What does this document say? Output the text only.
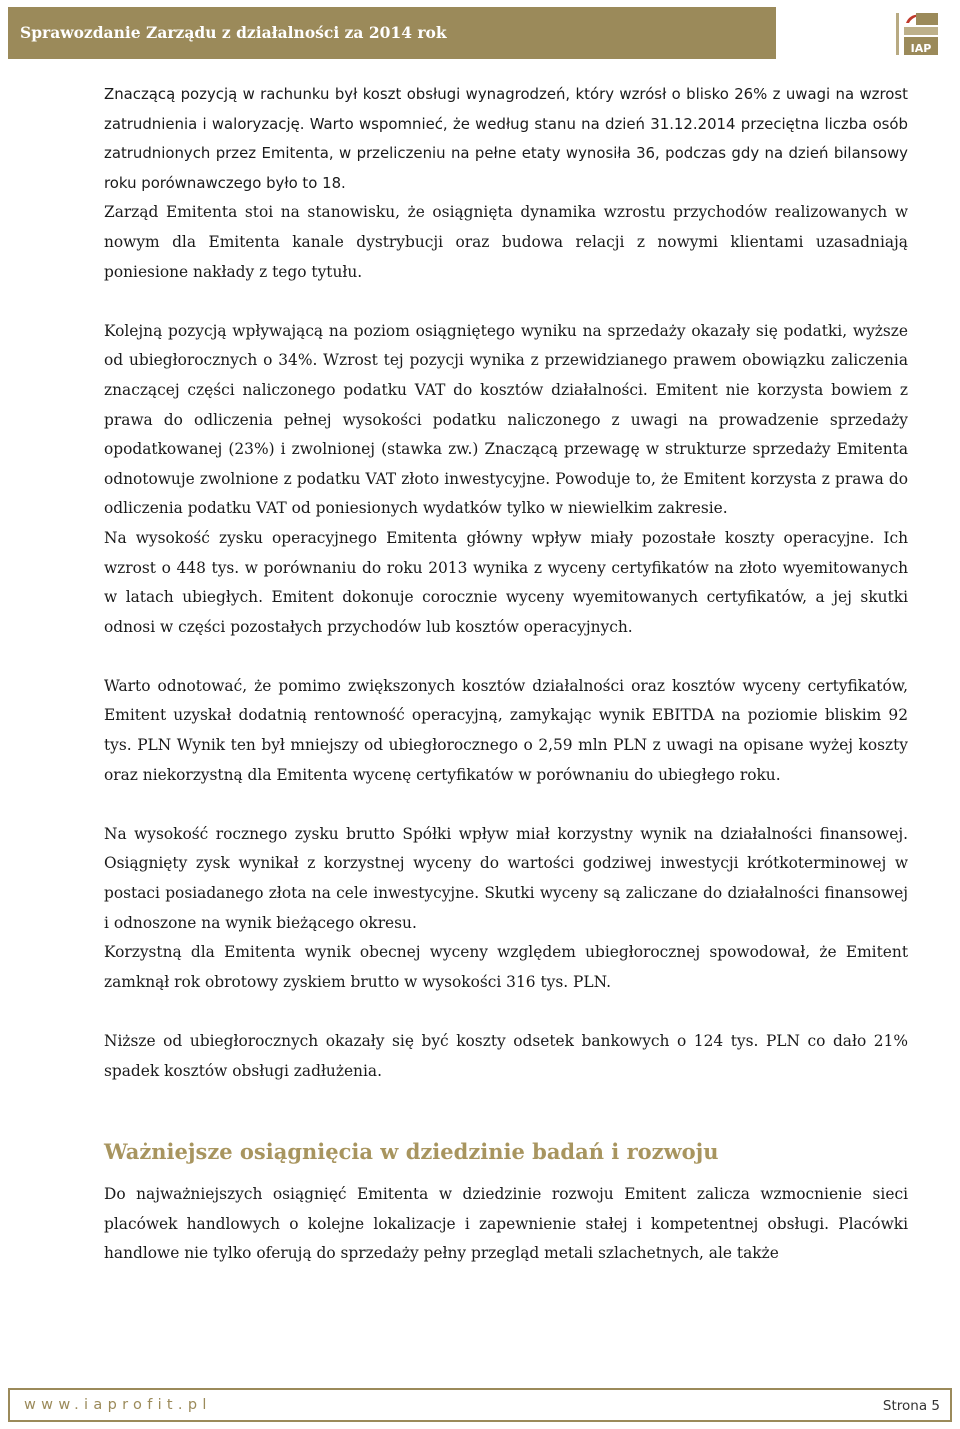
Sprawozdanie Zarządu z działalności za 2014 rok
IAP

Znaczącą pozycją w rachunku był koszt obsługi wynagrodzeń, który wzrósł o blisko 26% z uwagi na wzrost zatrudnienia i waloryzację. Warto wspomnieć, że według stanu na dzień 31.12.2014 przeciętna liczba osób zatrudnionych przez Emitenta, w przeliczeniu na pełne etaty wynosiła 36, podczas gdy na dzień bilansowy roku porównawczego było to 18.

Zarząd Emitenta stoi na stanowisku, że osiągnięta dynamika wzrostu przychodów realizowanych w nowym dla Emitenta kanale dystrybucji oraz budowa relacji z nowymi klientami uzasadniają poniesione nakłady z tego tytułu.

Kolejną pozycją wpływającą na poziom osiągniętego wyniku na sprzedaży okazały się podatki, wyższe od ubiegłorocznych o 34%. Wzrost tej pozycji wynika z przewidzianego prawem obowiązku zaliczenia znaczącej części naliczonego podatku VAT do kosztów działalności. Emitent nie korzysta bowiem z prawa do odliczenia pełnej wysokości podatku naliczonego z uwagi na prowadzenie sprzedaży opodatkowanej (23%) i zwolnionej (stawka zw.) Znaczącą przewagę w strukturze sprzedaży Emitenta odnotowuje zwolnione z podatku VAT złoto inwestycyjne. Powoduje to, że Emitent korzysta z prawa do odliczenia podatku VAT od poniesionych wydatków tylko w niewielkim zakresie.

Na wysokość zysku operacyjnego Emitenta główny wpływ miały pozostałe koszty operacyjne. Ich wzrost o 448 tys. w porównaniu do roku 2013 wynika z wyceny certyfikatów na złoto wyemitowanych w latach ubiegłych. Emitent dokonuje corocznie wyceny wyemitowanych certyfikatów, a jej skutki odnosi w części pozostałych przychodów lub kosztów operacyjnych.

Warto odnotować, że pomimo zwiększonych kosztów działalności oraz kosztów wyceny certyfikatów, Emitent uzyskał dodatnią rentowność operacyjną, zamykając wynik EBITDA na poziomie bliskim 92 tys. PLN Wynik ten był mniejszy od ubiegłorocznego o 2,59 mln PLN z uwagi na opisane wyżej koszty oraz niekorzystną dla Emitenta wycenę certyfikatów w porównaniu do ubiegłego roku.

Na wysokość rocznego zysku brutto Spółki wpływ miał korzystny wynik na działalności finansowej. Osiągnięty zysk wynikał z korzystnej wyceny do wartości godziwej inwestycji krótkoterminowej w postaci posiadanego złota na cele inwestycyjne. Skutki wyceny są zaliczane do działalności finansowej i odnoszone na wynik bieżącego okresu.

Korzystną dla Emitenta wynik obecnej wyceny względem ubiegłorocznej spowodował, że Emitent zamknął rok obrotowy zyskiem brutto w wysokości 316 tys. PLN.

Niższe od ubiegłorocznych okazały się być koszty odsetek bankowych o 124 tys. PLN co dało 21% spadek kosztów obsługi zadłużenia.

Ważniejsze osiągnięcia w dziedzinie badań i rozwoju

Do najważniejszych osiągnięć Emitenta w dziedzinie rozwoju Emitent zalicza wzmocnienie sieci placówek handlowych o kolejne lokalizacje i zapewnienie stałej i kompetentnej obsługi. Placówki handlowe nie tylko oferują do sprzedaży pełny przegląd metali szlachetnych, ale także

www.iaprofit.pl	Strona 5
